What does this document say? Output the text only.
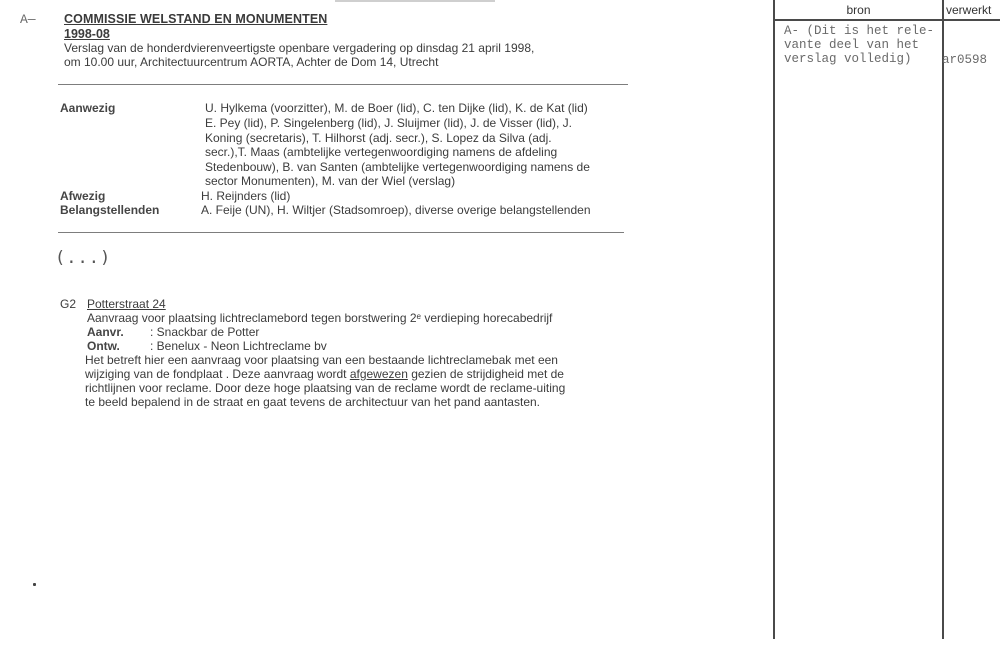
A— COMMISSIE WELSTAND EN MONUMENTEN
1998-08
Verslag van de honderdvierenveertigste openbare vergadering op dinsdag 21 april 1998,
om 10.00 uur, Architectuurcentrum AORTA, Achter de Dom 14, Utrecht
Aanwezig	U. Hylkema (voorzitter), M. de Boer (lid), C. ten Dijke (lid), K. de Kat (lid)
E. Pey (lid), P. Singelenberg (lid), J. Sluijmer (lid), J. de Visser (lid), J.
Koning (secretaris), T. Hilhorst (adj. secr.), S. Lopez da Silva (adj.
secr.),T. Maas (ambtelijke vertegenwoordiging namens de afdeling
Stedenbouw), B. van Santen (ambtelijke vertegenwoordiging namens de
sector Monumenten), M. van der Wiel (verslag)
Afwezig	H. Reijnders (lid)
Belangstellenden	A. Feije (UN), H. Wiltjer (Stadsomroep), diverse overige belangstellenden
(...)
G2 Potterstraat 24
Aanvraag voor plaatsing lichtreclamebord tegen borstwering 2ᵉ verdieping horecabedrijf
Aanvr. : Snackbar de Potter
Ontw.	: Benelux - Neon Lichtreclame bv
Het betreft hier een aanvraag voor plaatsing van een bestaande lichtreclamebak met een
wijziging van de fondplaat . Deze aanvraag wordt afgewezen gezien de strijdigheid met de
richtlijnen voor reclame. Door deze hoge plaatsing van de reclame wordt de reclame-uiting
te beeld bepalend in de straat en gaat tevens de architectuur van het pand aantasten.
bron	verwerkt
A- (Dit is het rele-
vante deel van het
verslag volledig) ar0598
